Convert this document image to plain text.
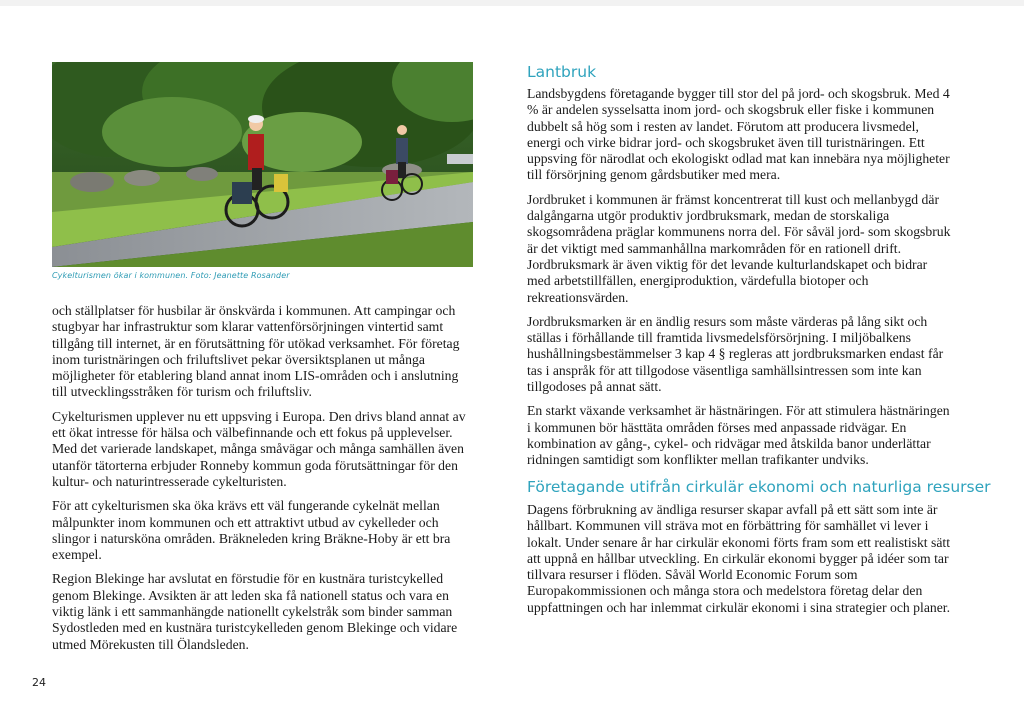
Cykelturismen ökar i kommunen. Foto: Jeanette Rosander

och ställplatser för husbilar är önskvärda i kommunen. Att campingar och stugbyar har infrastruktur som klarar vattenförsörjningen vintertid samt tillgång till internet, är en förutsättning för utökad verksamhet. För företag inom turistnäringen och friluftslivet pekar översiktsplanen ut många möjligheter för etablering bland annat inom LIS-områden och i anslutning till utvecklingsstråken för turism och friluftsliv.

Cykelturismen upplever nu ett uppsving i Europa. Den drivs bland annat av ett ökat intresse för hälsa och välbefinnande och ett fokus på upplevelser. Med det varierade landskapet, många småvägar och många samhällen även utanför tätorterna erbjuder Ronneby kommun goda förutsättningar för den kultur- och naturintresserade cykelturisten.

För att cykelturismen ska öka krävs ett väl fungerande cykelnät mellan målpunkter inom kommunen och ett attraktivt utbud av cykelleder och slingor i natursköna områden. Bräkneleden kring Bräkne-Hoby är ett bra exempel.

Region Blekinge har avslutat en förstudie för en kustnära turistcykelled genom Blekinge. Avsikten är att leden ska få nationell status och vara en viktig länk i ett sammanhängde nationellt cykelstråk som binder samman Sydostleden med en kustnära turistcykelleden genom Blekinge och vidare utmed Mörekusten till Ölandsleden.

Lantbruk

Landsbygdens företagande bygger till stor del på jord- och skogsbruk. Med 4 % är andelen sysselsatta inom jord- och skogsbruk eller fiske i kommunen dubbelt så hög som i resten av landet. Förutom att producera livsmedel, energi och virke bidrar jord- och skogsbruket även till turistnäringen. Ett uppsving för närodlat och ekologiskt odlad mat kan innebära nya möjligheter till försörjning genom gårdsbutiker med mera.

Jordbruket i kommunen är främst koncentrerat till kust och mellanbygd där dalgångarna utgör produktiv jordbruksmark, medan de storskaliga skogsområdena präglar kommunens norra del. För såväl jord- som skogsbruk är det viktigt med sammanhållna markområden för en rationell drift. Jordbruksmark är även viktig för det levande kulturlandskapet och bidrar med arbetstillfällen, energiproduktion, värdefulla biotoper och rekreationsvärden.

Jordbruksmarken är en ändlig resurs som måste värderas på lång sikt och ställas i förhållande till framtida livsmedelsförsörjning. I miljöbalkens hushållningsbestämmelser 3 kap 4 § regleras att jordbruksmarken endast får tas i anspråk för att tillgodose väsentliga samhällsintressen som inte kan tillgodoses på annat sätt.

En starkt växande verksamhet är hästnäringen. För att stimulera hästnäringen i kommunen bör hästtäta områden förses med anpassade ridvägar. En kombination av gång-, cykel- och ridvägar med åtskilda banor underlättar ridningen samtidigt som konflikter mellan trafikanter undviks.

Företagande utifrån cirkulär ekonomi och naturliga resurser

Dagens förbrukning av ändliga resurser skapar avfall på ett sätt som inte är hållbart. Kommunen vill sträva mot en förbättring för samhället vi lever i lokalt. Under senare år har cirkulär ekonomi förts fram som ett realistiskt sätt att uppnå en hållbar utveckling. En cirkulär ekonomi bygger på idéer som tar tillvara resurser i flöden. Såväl World Economic Forum som Europakommissionen och många stora och medelstora företag delar den uppfattningen och har inlemmat cirkulär ekonomi i sina strategier och planer.

24
